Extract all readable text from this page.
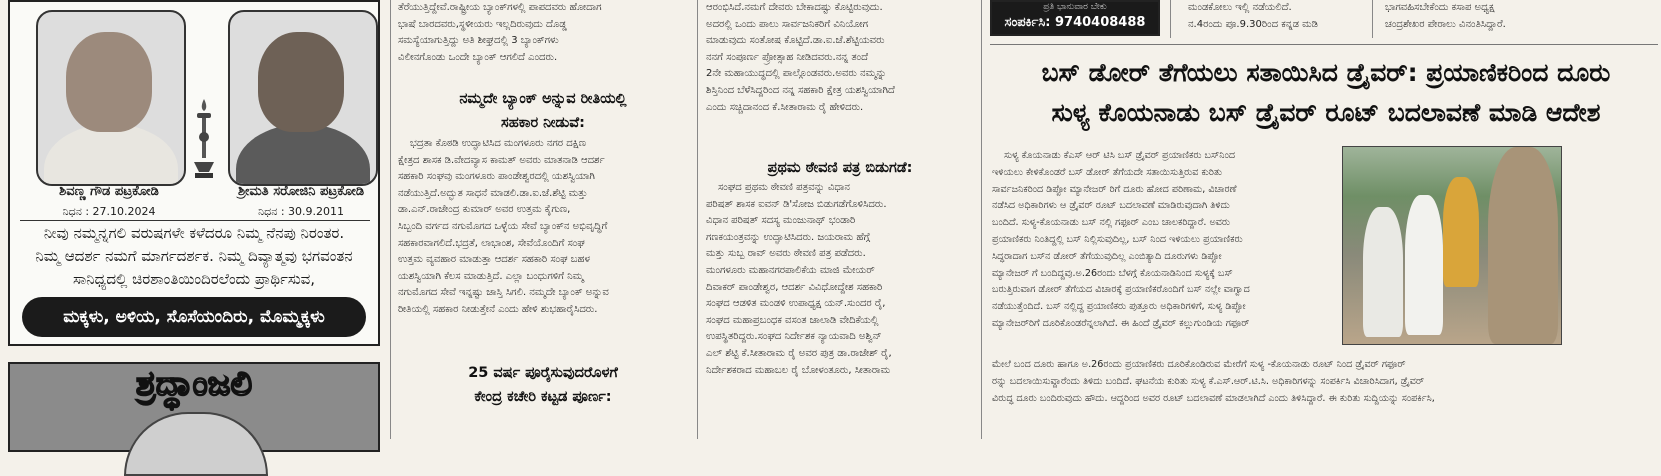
ಶಿವಣ್ಣ ಗೌಡ ಪಟ್ರಕೋಡಿ	ಶ್ರೀಮತಿ ಸರೋಜಿನಿ ಪಟ್ರಕೋಡಿ
ನಿಧನ : 27.10.2024	ನಿಧನ : 30.9.2011
ನೀವು ನಮ್ಮನ್ನಗಲಿ ವರುಷಗಳೇ ಕಳೆದರೂ ನಿಮ್ಮ ನೆನಪು ನಿರಂತರ.
ನಿಮ್ಮ ಆದರ್ಶ ನಮಗೆ ಮಾರ್ಗದರ್ಶಕ. ನಿಮ್ಮ ದಿವ್ಯಾತ್ಮವು ಭಗವಂತನ
ಸಾನಿಧ್ಯದಲ್ಲಿ ಚಿರಶಾಂತಿಯಿಂದಿರಲೆಂದು ಪ್ರಾರ್ಥಿಸುವ,
ಮಕ್ಕಳು, ಅಳಿಯ, ಸೊಸೆಯಂದಿರು, ಮೊಮ್ಮಕ್ಕಳು
ಶ್ರದ್ಧಾಂಜಲಿ

ತೆರೆಯುತ್ತಿದ್ದೇವೆ.ರಾಷ್ಟ್ರೀಯ ಬ್ಯಾಂಕ್‌ಗಳಲ್ಲಿ ಪಾಪದವರು ಹೋದಾಗ

ಭಾಷೆ ಬಾರದವರು,ಸ್ಥಳೀಯರು ಇಲ್ಲದಿರುವುದು ದೊಡ್ಡ

ಸಮಸ್ಯೆಯಾಗುತ್ತಿದ್ದು ಅತಿ ಶೀಘ್ರದಲ್ಲಿ 3 ಬ್ಯಾಂಕ್‌ಗಳು

ವಿಲೀನಗೊಂಡು ಒಂದೇ ಬ್ಯಾಂಕ್ ಆಗಲಿದೆ ಎಂದರು.

ನಮ್ಮದೇ ಬ್ಯಾಂಕ್ ಅನ್ನುವ ರೀತಿಯಲ್ಲಿ
ಸಹಕಾರ ನೀಡುವೆ:

ಭದ್ರತಾ ಕೊಠಡಿ ಉದ್ಘಾಟಿಸಿದ ಮಂಗಳೂರು ನಗರ ದಕ್ಷಿಣ

ಕ್ಷೇತ್ರದ ಶಾಸಕ ಡಿ.ವೇದವ್ಯಾಸ ಕಾಮತ್ ಅವರು ಮಾತನಾಡಿ ಆದರ್ಶ

ಸಹಕಾರಿ ಸಂಘವು ಮಂಗಳೂರು ಪಾಂಡೇಶ್ವರದಲ್ಲಿ ಯಶಸ್ವಿಯಾಗಿ

ನಡೆಯುತ್ತಿದೆ.ಅದ್ಭುತ ಸಾಧನೆ ಮಾಡಲಿ.ಡಾ.ಐ.ಜೆ.ಶೆಟ್ಟಿ ಮತ್ತು

ಡಾ.ಎನ್.ರಾಜೇಂದ್ರ ಕುಮಾರ್ ಅವರ ಉತ್ತಮ ಕೈಗುಣ,

ಸಿಬ್ಬಂದಿ ವರ್ಗದ ನಗುಮೊಗದ ಒಳ್ಳೆಯ ಸೇವೆ ಬ್ಯಾಂಕ್‌ನ ಅಭಿವೃದ್ಧಿಗೆ

ಸಹಕಾರವಾಗಲಿದೆ.ಭದ್ರತೆ, ಲಾಭಾಂಶ, ಸೇವೆಯೊಂದಿಗೆ ಸಂಘ

ಉತ್ತಮ ವ್ಯವಹಾರ ಮಾಡುತ್ತಾ ಆದರ್ಶ ಸಹಕಾರಿ ಸಂಘ ಬಹಳ

ಯಶಸ್ವಿಯಾಗಿ ಕೆಲಸ ಮಾಡುತ್ತಿದೆ. ಎಲ್ಲಾ ಬಂಧುಗಳಿಗೆ ನಿಮ್ಮ

ನಗುಮೊಗದ ಸೇವೆ ಇನ್ನಷ್ಟು ಜಾಸ್ತಿ ಸಿಗಲಿ. ನಮ್ಮದೇ ಬ್ಯಾಂಕ್ ಅನ್ನುವ

ರೀತಿಯಲ್ಲಿ ಸಹಕಾರ ನೀಡುತ್ತೇನೆ ಎಂದು ಹೇಳಿ ಶುಭಹಾರೈಸಿದರು.

25 ವರ್ಷ ಪೂರೈಸುವುದರೊಳಗೆ
ಕೇಂದ್ರ ಕಚೇರಿ ಕಟ್ಟಡ ಪೂರ್ಣ:

ಆರಂಭಿಸಿದೆ.ನಮಗೆ ದೇವರು ಬೇಕಾದಷ್ಟು ಕೊಟ್ಟಿರುವುದು.

ಅದರಲ್ಲಿ ಒಂದು ಪಾಲು ಸಾರ್ವಜನಿಕರಿಗೆ ವಿನಿಯೋಗ

ಮಾಡುವುದು ಸಂತೋಷ ಕೊಟ್ಟಿದೆ.ಡಾ.ಐ.ಜೆ.ಶೆಟ್ಟಿಯವರು

ನನಗೆ ಸಂಪೂರ್ಣ ಪ್ರೋತ್ಸಾಹ ನೀಡಿದವರು.ನನ್ನ ತಂದೆ

2ನೇ ಮಹಾಯುದ್ಧದಲ್ಲಿ ಪಾಲ್ಗೊಂಡವರು.ಅವರು ನಮ್ಮನ್ನು

ಶಿಸ್ತಿನಿಂದ ಬೆಳೆಸಿದ್ದರಿಂದ ನನ್ನ ಸಹಕಾರಿ ಕ್ಷೇತ್ರ ಯಶಸ್ವಿಯಾಗಿದೆ

ಎಂದು ಸಚ್ಚಿದಾನಂದ ಕೆ.ಸೀತಾರಾಮ ರೈ ಹೇಳಿದರು.

ಪ್ರಥಮ ಠೇವಣಿ ಪತ್ರ ಬಿಡುಗಡೆ:

ಸಂಘದ ಪ್ರಥಮ ಠೇವಣಿ ಪತ್ರವನ್ನು ವಿಧಾನ

ಪರಿಷತ್ ಶಾಸಕ ಐವನ್ ಡಿ'ಸೋಜ ಬಿಡುಗಡೆಗೊಳಿಸಿದರು.

ವಿಧಾನ ಪರಿಷತ್ ಸದಸ್ಯ ಮಂಜುನಾಥ್ ಭಂಡಾರಿ

ಗಣಕಯಂತ್ರವನ್ನು ಉದ್ಘಾಟಿಸಿದರು. ಜಯರಾಮ ಹೆಗ್ಗೆ

ಮತ್ತು ಸುಬ್ಬ ರಾವ್ ಅವರು ಠೇವಣಿ ಪತ್ರ ಪಡೆದರು.

ಮಂಗಳೂರು ಮಹಾನಗರಪಾಲಿಕೆಯ ಮಾಜಿ ಮೇಯರ್

ದಿವಾಕರ್ ಪಾಂಡೇಶ್ವರ, ಆದರ್ಶ ವಿವಿಧೋದ್ದೇಶ ಸಹಕಾರಿ

ಸಂಘದ ಆಡಳಿತ ಮಂಡಳಿ ಉಪಾಧ್ಯಕ್ಷ ಯನ್.ಸುಂದರ ರೈ,

ಸಂಘದ ಮಹಾಪ್ರಬಂಧಕ ವಸಂತ ಜಾಲಾಡಿ ವೇದಿಕೆಯಲ್ಲಿ

ಉಪಸ್ಥಿತರಿದ್ದರು.ಸಂಘದ ನಿರ್ದೇಶಕ ನ್ಯಾಯವಾದಿ ಅಶ್ವಿನ್

ಎಲ್ ಶೆಟ್ಟಿ ಕೆ.ಸೀತಾರಾಮ ರೈ ಅವರ ಪುತ್ರ ಡಾ.ರಾಜೇಶ್ ರೈ,

ನಿರ್ದೇಶಕರಾದ ಮಹಾಬಲ ರೈ ಬೋಳಂತೂರು, ಸೀತಾರಾಮ

ಪ್ರತಿ ಭಾನುವಾರ ಬೇಕು
ಸಂಪರ್ಕಿಸಿ: 9740408488
ಮಂಡಕೋಲು ಇಲ್ಲಿ ನಡೆಯಲಿದೆ.
ನ.4ರಂದು ಪೂ.9.30ರಿಂದ ಕನ್ನಡ ಮಡಿ
ಭಾಗವಹಿಸಬೇಕೆಂದು ಕಸಾಪ ಅಧ್ಯಕ್ಷ
ಚಂದ್ರಶೇಖರ ಪೇರಾಲು ವಿನಂತಿಸಿದ್ದಾರೆ.
ಬಸ್ ಡೋರ್ ತೆಗೆಯಲು ಸತಾಯಿಸಿದ ಡ್ರೈವರ್: ಪ್ರಯಾಣಿಕರಿಂದ ದೂರು
ಸುಳ್ಯ ಕೊಯನಾಡು ಬಸ್ ಡ್ರೈವರ್ ರೂಟ್ ಬದಲಾವಣೆ ಮಾಡಿ ಆದೇಶ

ಸುಳ್ಯ ಕೊಯನಾಡು ಕೆಎಸ್ ಆರ್ ಟಿಸಿ ಬಸ್ ಡ್ರೈವರ್ ಪ್ರಯಾಣಿಕರು ಬಸ್‌ನಿಂದ

ಇಳಿಯಲು ಕೇಳಿಕೊಂಡರೆ ಬಸ್ ಡೋರ್ ತೆಗೆಯದೇ ಸತಾಯಿಸುತ್ತಿರುವ ಕುರಿತು

ಸಾರ್ವಜನಿಕರಿಂದ ಡಿಪ್ಪೋ ಮ್ಯಾನೇಜರ್ ರಿಗೆ ದೂರು ಹೋದ ಪರಿಣಾಮ, ವಿಚಾರಣೆ

ನಡೆಸಿದ ಅಧಿಕಾರಿಗಳು ಆ ಡ್ರೈವರ್ ರೂಟ್ ಬದಲಾವಣೆ ಮಾಡಿರುವುದಾಗಿ ತಿಳಿದು

ಬಂದಿದೆ. ಸುಳ್ಯ-ಕೊಯನಾಡು ಬಸ್ ನಲ್ಲಿ ಗಫೂರ್ ಎಂಬ ಚಾಲಕರಿದ್ದಾರೆ. ಅವರು

ಪ್ರಯಾಣಿಕರು ನಿಂತಿದ್ದಲ್ಲಿ ಬಸ್ ನಿಲ್ಲಿಸುವುದಿಲ್ಲ, ಬಸ್ ನಿಂದ ಇಳಿಯಲು ಪ್ರಯಾಣಿಕರು

ಸಿದ್ಧರಾದಾಗ ಬಸ್‌ನ ಡೋರ್ ತೆಗೆಯುವುದಿಲ್ಲ ಎಂಬಿತ್ಯಾದಿ ದೂರುಗಳು ಡಿಪ್ಪೋ

ಮ್ಯಾನೇಜರ್ ಗೆ ಬಂದಿದ್ದವು.ಅ.26ರಂದು ಬೆಳಗ್ಗೆ ಕೊಯನಾಡಿನಿಂದ ಸುಳ್ಯಕ್ಕೆ ಬಸ್

ಬರುತ್ತಿರುವಾಗ ಡೋರ್ ತೆಗೆಯದ ವಿಚಾರಕ್ಕೆ ಪ್ರಯಾಣಿಕರೊಂದಿಗೆ ಬಸ್ ನಲ್ಲೇ ವಾಗ್ವಾದ

ನಡೆಯುತ್ತೆಂದಿದೆ. ಬಸ್ ನಲ್ಲಿದ್ದ ಪ್ರಯಾಣಿಕರು ಪುತ್ತೂರು ಅಧಿಕಾರಿಗಳಿಗೆ, ಸುಳ್ಯ ಡಿಪ್ಪೋ

ಮ್ಯಾನೇಜರ್‌ರಿಗೆ ದೂರಿಕೊಂಡರೆನ್ನಲಾಗಿದೆ. ಈ ಹಿಂದೆ ಡ್ರೈವರ್ ಕಲ್ಲುಗುಂಡಿಯ ಗಫೂರ್

ಮೇಲೆ ಬಂದ ದೂರು ಹಾಗೂ ಅ.26ರಂದು ಪ್ರಯಾಣಿಕರು ದೂರಿಕೊಂಡಿರುವ ಮೇರೆಗೆ ಸುಳ್ಯ -ಕೊಯನಾಡು ರೂಟ್ ನಿಂದ ಡ್ರೈವರ್ ಗಫೂರ್

ರನ್ನು ಬದಲಾಯಿಸುವ್ದಾರೆಂದು ತಿಳಿದು ಬಂದಿದೆ. ಘಟನೆಯ ಕುರಿತು ಸುಳ್ಯ ಕೆ.ಎಸ್.ಆರ್.ಟಿ.ಸಿ. ಅಧಿಕಾರಿಗಳನ್ನು ಸಂಪರ್ಕಿಸಿ ವಿಚಾರಿಸಿದಾಗ, ಡ್ರೈವರ್

ವಿರುದ್ಧ ದೂರು ಬಂದಿರುವುದು ಹೌದು. ಆದ್ದರಿಂದ ಅವರ ರೂಟ್ ಬದಲಾವಣೆ ಮಾಡಲಾಗಿದೆ ಎಂದು ತಿಳಿಸಿದ್ದಾರೆ. ಈ ಕುರಿತು ಸುದ್ದಿಯನ್ನು ಸಂಪರ್ಕಿಸಿ,
